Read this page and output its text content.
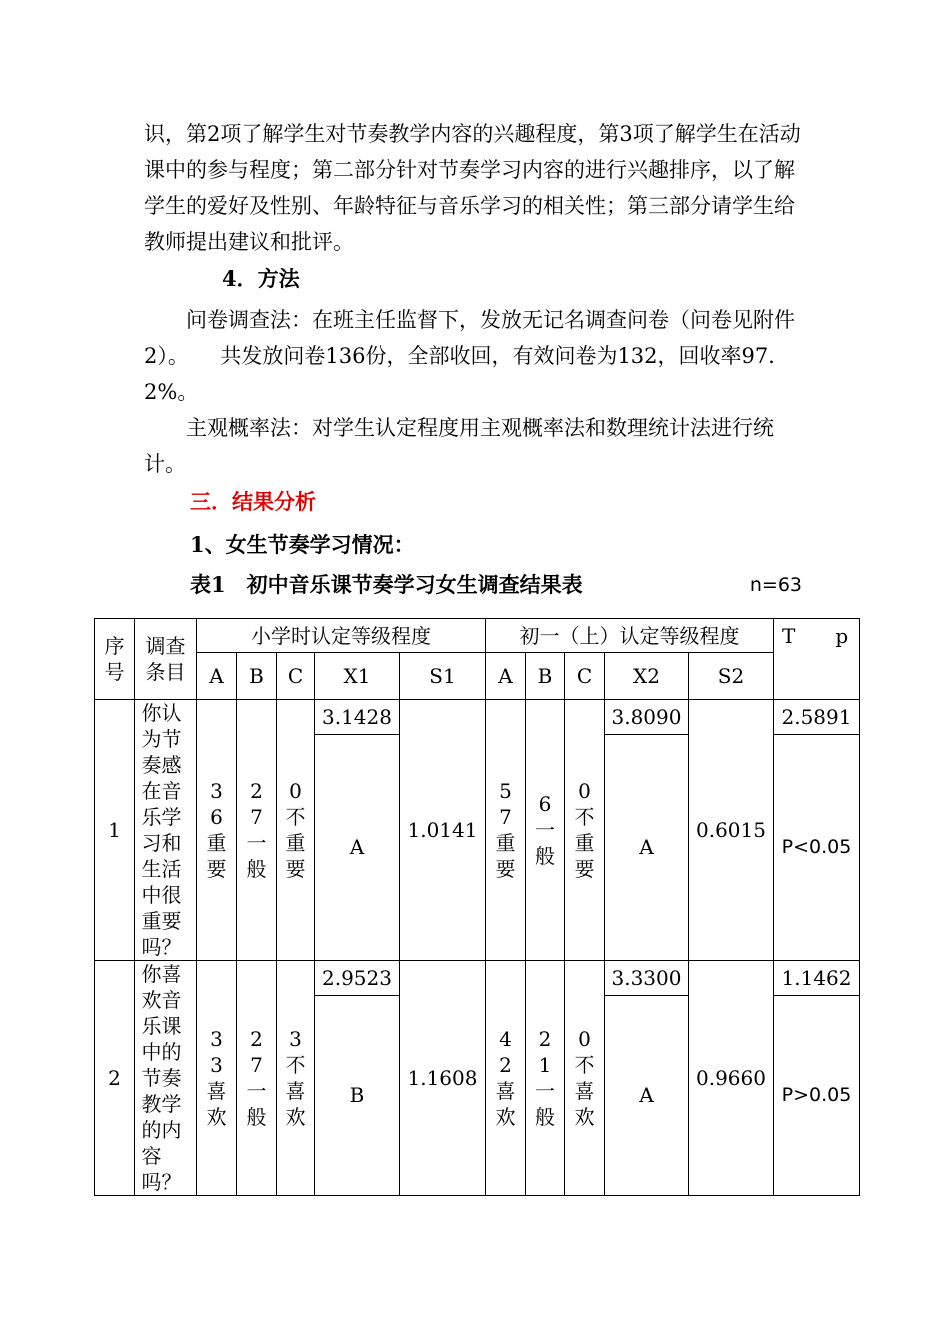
识，第2项了解学生对节奏教学内容的兴趣程度，第3项了解学生在活动课中的参与程度；第二部分针对节奏学习内容的进行兴趣排序，以了解学生的爱好及性别、年龄特征与音乐学习的相关性；第三部分请学生给教师提出建议和批评。

4．方法

问卷调查法：在班主任监督下，发放无记名调查问卷（问卷见附件2）。　　共发放问卷136份，全部收回，有效问卷为132，回收率97．2%。

主观概率法：对学生认定程度用主观概率法和数理统计法进行统计。

三．结果分析

1、女生节奏学习情况：

表1　初中音乐课节奏学习女生调查结果表	n=63
序号	调查条目	小学时认定等级程度					初一（上）认定等级程度					T　　p
		A	B	C	X1	S1	A	B	C	X2	S2	
1	你认为节奏感在音乐学习和生活中很重要吗？	36重要	27一般	0不重要	3.1428	1.0141	57重要	6一般	0不重要	3.8090	0.6015	2.5891
					A					A		P<0.05
2	你喜欢音乐课中的节奏教学的内容吗？	33喜欢	27一般	3不喜欢	2.9523	1.1608	42喜欢	21一般	0不喜欢	3.3300	0.9660	1.1462
					B					A		P>0.05
